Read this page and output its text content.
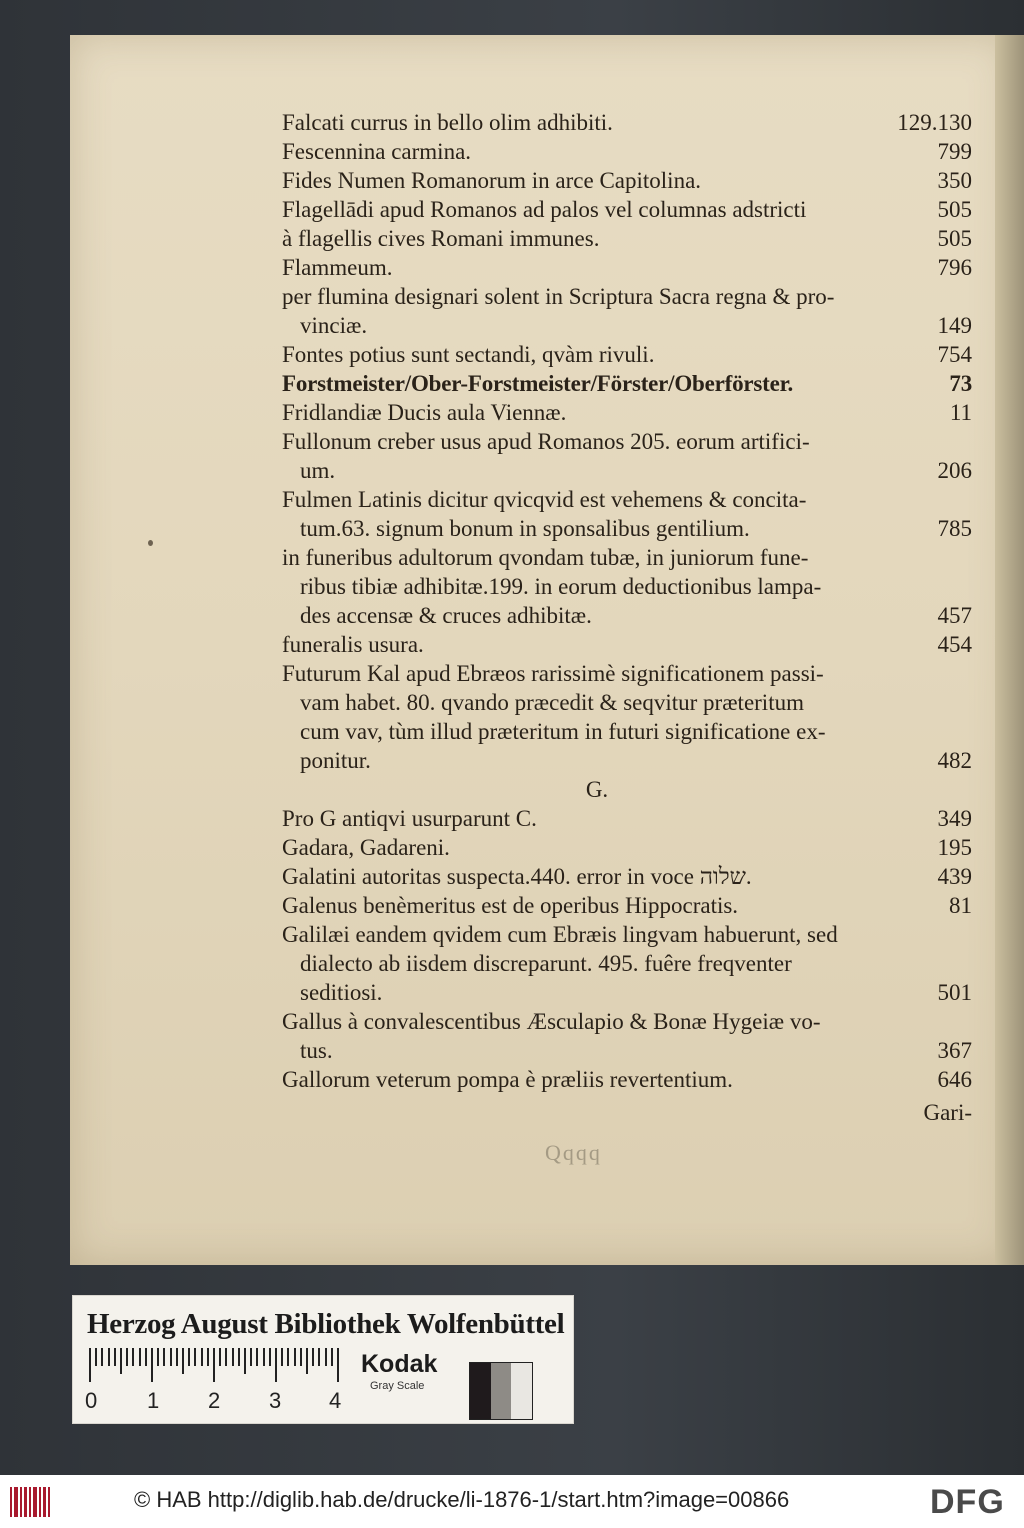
Falcati currus in bello olim adhibiti.	129.130
Fescennina carmina.	799
Fides Numen Romanorum in arce Capitolina.	350
Flagellādi apud Romanos ad palos vel columnas adstricti	505
à flagellis cives Romani immunes.	505
Flammeum.	796
per flumina designari solent in Scriptura Sacra regna & pro-
vinciæ.	149
Fontes potius sunt sectandi, qvàm rivuli.	754
Forstmeister/Ober-Forstmeister/Förster/Oberförster.	73
Fridlandiæ Ducis aula Viennæ.	11
Fullonum creber usus apud Romanos 205. eorum artifici-
um.	206
Fulmen Latinis dicitur qvicqvid est vehemens & concita-
tum.63. signum bonum in sponsalibus gentilium.	785
in funeribus adultorum qvondam tubæ, in juniorum fune-
ribus tibiæ adhibitæ.199. in eorum deductionibus lampa-
des accensæ & cruces adhibitæ.	457
funeralis usura.	454
Futurum Kal apud Ebræos rarissimè significationem passi-
vam habet. 80. qvando præcedit & seqvitur præteritum
cum vav, tùm illud præteritum in futuri significatione ex-
ponitur.	482
G.
Pro G antiqvi usurparunt C.	349
Gadara, Gadareni.	195
Galatini autoritas suspecta.440. error in voce שלוה.	439
Galenus benèmeritus est de operibus Hippocratis.	81
Galilæi eandem qvidem cum Ebræis lingvam habuerunt, sed
dialecto ab iisdem discreparunt. 495. fuêre freqventer
seditiosi.	501
Gallus à convalescentibus Æsculapio & Bonæ Hygeiæ vo-
tus.	367
Gallorum veterum pompa è præliis revertentium.	646
Gari-
Qqqq
Herzog August Bibliothek Wolfenbüttel
0 1 2 3 4
Kodak
Gray Scale
© HAB http://diglib.hab.de/drucke/li-1876-1/start.htm?image=00866	DFG
